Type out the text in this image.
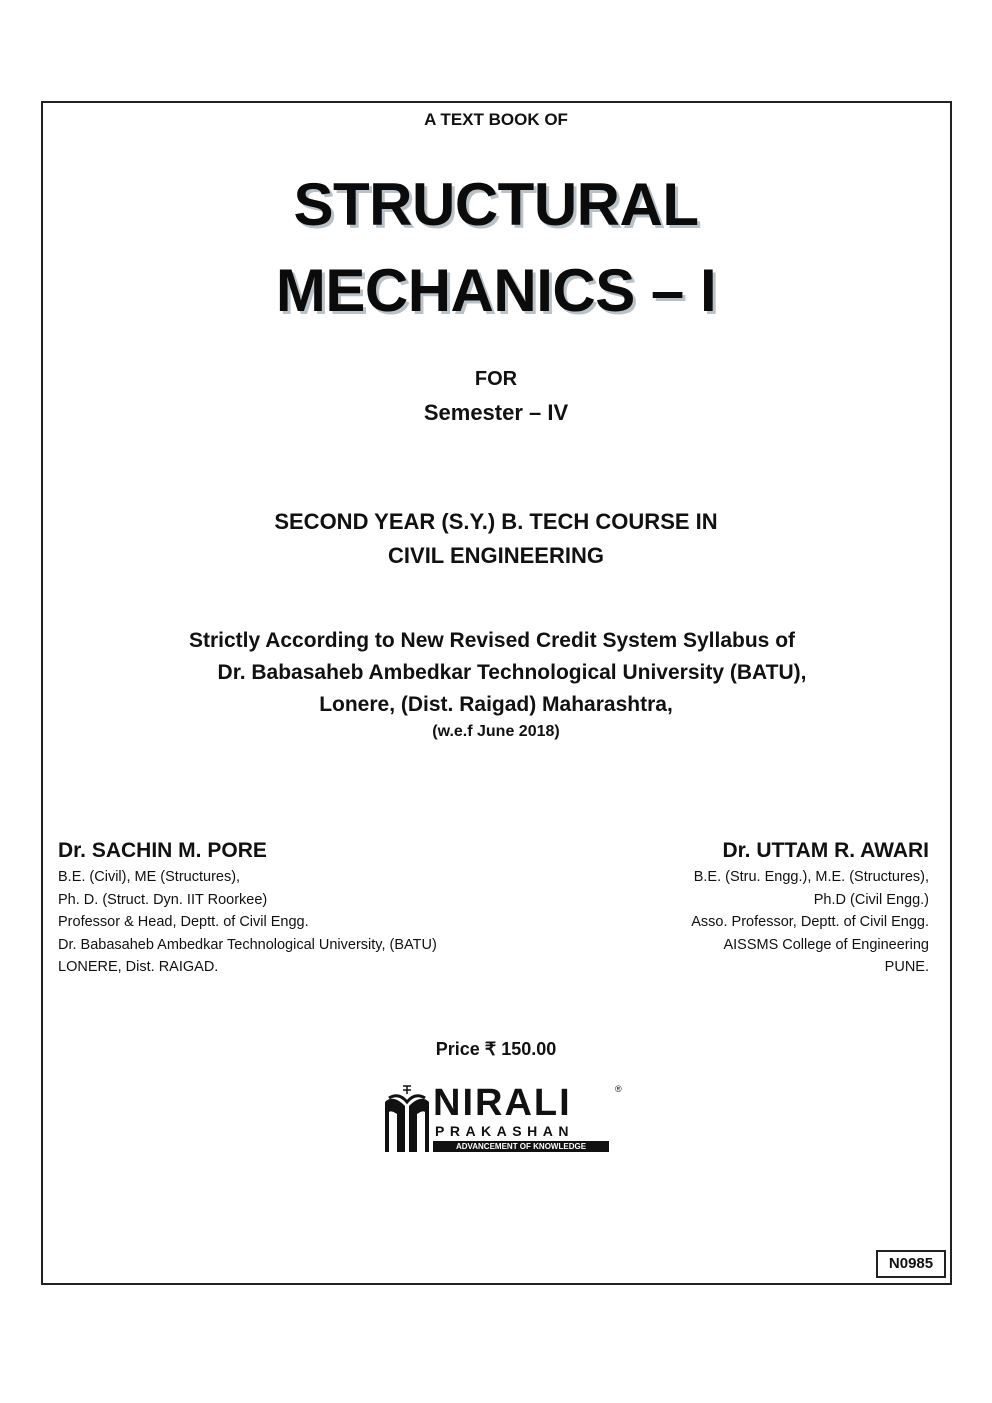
A TEXT BOOK OF
STRUCTURAL
MECHANICS – I
FOR
Semester – IV
SECOND YEAR (S.Y.) B. TECH COURSE IN
CIVIL ENGINEERING
Strictly According to New Revised Credit System Syllabus of
Dr. Babasaheb Ambedkar Technological University (BATU),
Lonere, (Dist. Raigad) Maharashtra,
(w.e.f June 2018)
Dr. SACHIN M. PORE
B.E. (Civil), ME (Structures),
Ph. D. (Struct. Dyn. IIT Roorkee)
Professor & Head, Deptt. of Civil Engg.
Dr. Babasaheb Ambedkar Technological University, (BATU)
LONERE, Dist. RAIGAD.
Dr. UTTAM R. AWARI
B.E. (Stru. Engg.), M.E. (Structures),
Ph.D (Civil Engg.)
Asso. Professor, Deptt. of Civil Engg.
AISSMS College of Engineering
PUNE.
Price ₹ 150.00
NIRALI	®
PRAKASHAN
ADVANCEMENT OF KNOWLEDGE
N0985
